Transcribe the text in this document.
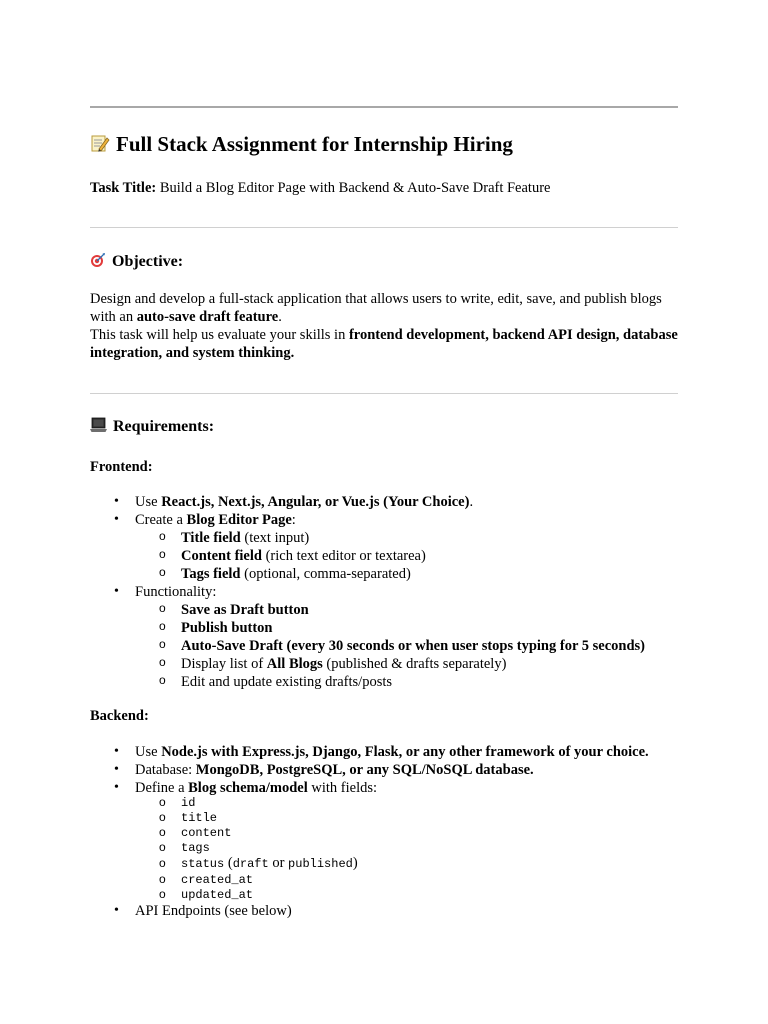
Full Stack Assignment for Internship Hiring
Task Title: Build a Blog Editor Page with Backend & Auto-Save Draft Feature
Objective:

Design and develop a full-stack application that allows users to write, edit, save, and publish blogs with an auto-save draft feature.

This task will help us evaluate your skills in frontend development, backend API design, database integration, and system thinking.

Requirements:
Frontend:
• Use React.js, Next.js, Angular, or Vue.js (Your Choice).
• Create a Blog Editor Page:
o Title field (text input)
o Content field (rich text editor or textarea)
o Tags field (optional, comma-separated)
• Functionality:
o Save as Draft button
o Publish button
o Auto-Save Draft (every 30 seconds or when user stops typing for 5 seconds)
o Display list of All Blogs (published & drafts separately)
o Edit and update existing drafts/posts
Backend:
• Use Node.js with Express.js, Django, Flask, or any other framework of your choice.
• Database: MongoDB, PostgreSQL, or any SQL/NoSQL database.
• Define a Blog schema/model with fields:
o id
o title
o content
o tags
o status (draft or published)
o created_at
o updated_at
• API Endpoints (see below)
